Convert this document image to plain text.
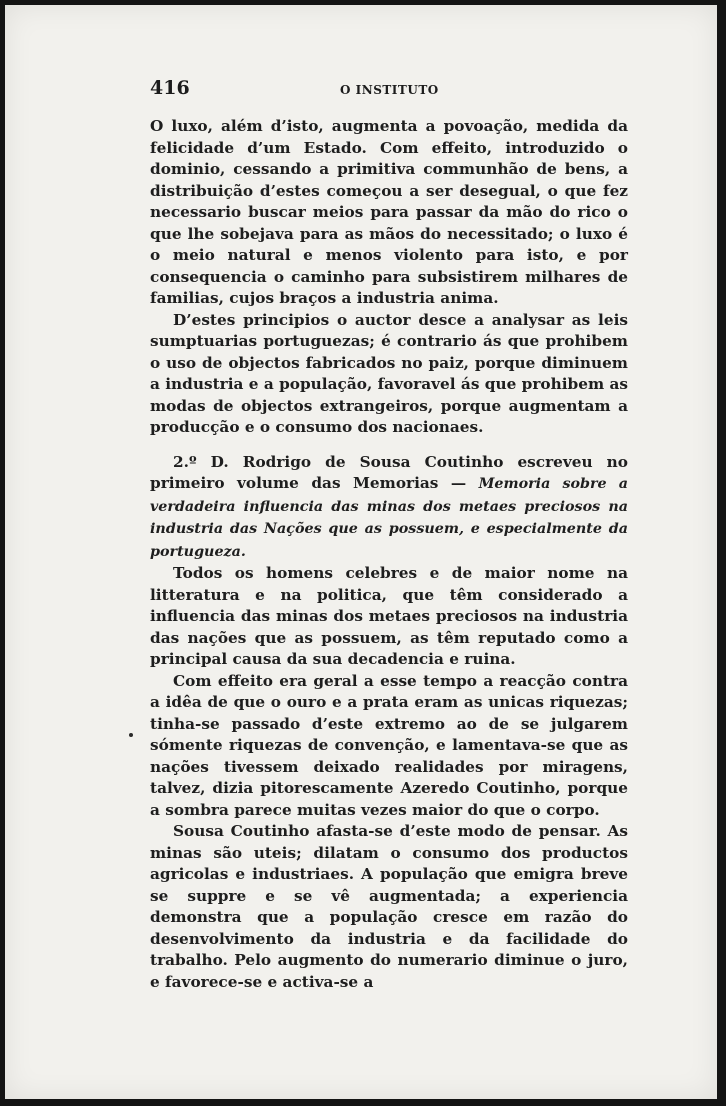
416	O INSTITUTO

O luxo, além d’isto, augmenta a povoação, medida da felicidade d’um Estado. Com effeito, introduzido o dominio, cessando a primitiva communhão de bens, a distribuição d’estes começou a ser desegual, o que fez necessario buscar meios para passar da mão do rico o que lhe sobejava para as mãos do necessitado; o luxo é o meio natural e menos violento para isto, e por consequencia o caminho para subsistirem milhares de familias, cujos braços a industria anima.

D’estes principios o auctor desce a analysar as leis sumptuarias portuguezas; é contrario ás que prohibem o uso de objectos fabricados no paiz, porque diminuem a industria e a população, favoravel ás que prohibem as modas de objectos extrangeiros, porque augmentam a producção e o consumo dos nacionaes.

2.º D. Rodrigo de Sousa Coutinho escreveu no primeiro volume das Memorias — Memoria sobre a verdadeira influencia das minas dos metaes preciosos na industria das Nações que as possuem, e especialmente da portugueza.

Todos os homens celebres e de maior nome na litteratura e na politica, que têm considerado a influencia das minas dos metaes preciosos na industria das nações que as possuem, as têm reputado como a principal causa da sua decadencia e ruina.

Com effeito era geral a esse tempo a reacção contra a idêa de que o ouro e a prata eram as unicas riquezas; tinha-se passado d’este extremo ao de se julgarem sómente riquezas de convenção, e lamentava-se que as nações tivessem deixado realidades por miragens, talvez, dizia pitorescamente Azeredo Coutinho, porque a sombra parece muitas vezes maior do que o corpo.

Sousa Coutinho afasta-se d’este modo de pensar. As minas são uteis; dilatam o consumo dos productos agricolas e industriaes. A população que emigra breve se suppre e se vê augmentada; a experiencia demonstra que a população cresce em razão do desenvolvimento da industria e da facilidade do trabalho. Pelo augmento do numerario diminue o juro, e favorece-se e activa-se a
